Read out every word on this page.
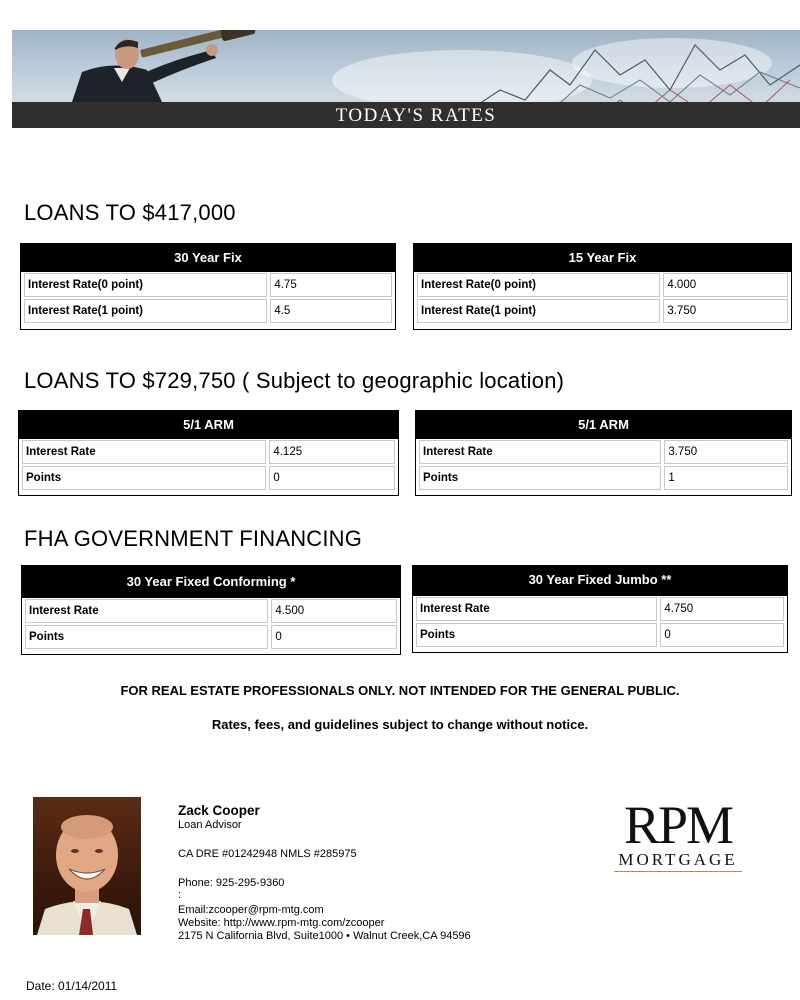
TODAY'S RATES
LOANS TO $417,000
30 Year Fix
Interest Rate(0 point)	4.75
Interest Rate(1 point)	4.5
15 Year Fix
Interest Rate(0 point)	4.000
Interest Rate(1 point)	3.750
LOANS TO $729,750 ( Subject to geographic location)
5/1 ARM
Interest Rate	4.125
Points	0
5/1 ARM
Interest Rate	3.750
Points	1
FHA GOVERNMENT FINANCING
30 Year Fixed Conforming *
Interest Rate	4.500
Points	0
30 Year Fixed Jumbo **
Interest Rate	4.750
Points	0
FOR REAL ESTATE PROFESSIONALS ONLY. NOT INTENDED FOR THE GENERAL PUBLIC.
Rates, fees, and guidelines subject to change without notice.
Zack Cooper
Loan Advisor
CA DRE #01242948 NMLS #285975
Phone: 925-295-9360
:
Email:zcooper@rpm-mtg.com
Website: http://www.rpm-mtg.com/zcooper
2175 N California Blvd, Suite1000 • Walnut Creek,CA 94596
RPM
MORTGAGE
Date: 01/14/2011
